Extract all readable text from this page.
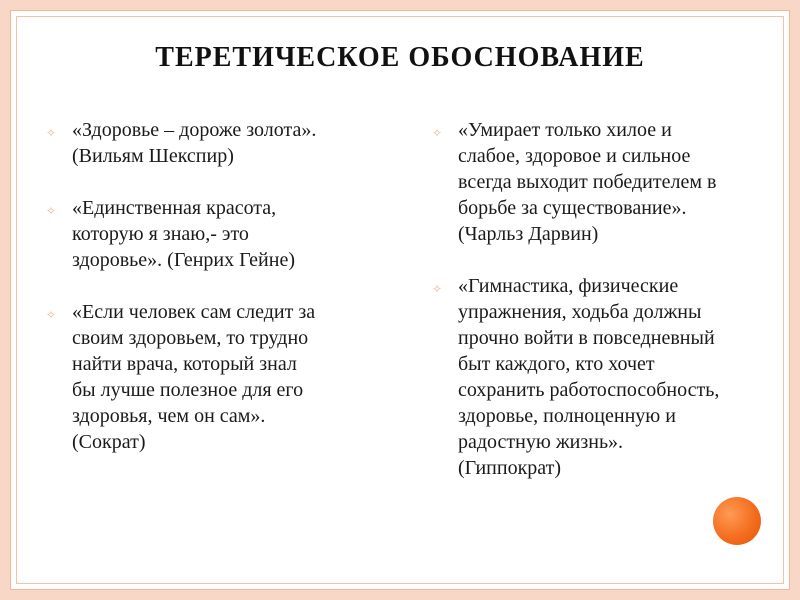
ТЕРЕТИЧЕСКОЕ ОБОСНОВАНИЕ
✧ «Здоровье – дороже золота».
(Вильям Шекспир)
✧ «Единственная красота,
которую я знаю,- это
здоровье». (Генрих Гейне)
✧ «Если человек сам следит за
своим здоровьем, то трудно
найти врача, который знал
бы лучше полезное для его
здоровья, чем он сам».
(Сократ)
✧ «Умирает только хилое и
слабое, здоровое и сильное
всегда выходит победителем в
борьбе за существование».
(Чарльз Дарвин)
✧ «Гимнастика, физические
упражнения, ходьба должны
прочно войти в повседневный
быт каждого, кто хочет
сохранить работоспособность,
здоровье, полноценную и
радостную жизнь».
(Гиппократ)
